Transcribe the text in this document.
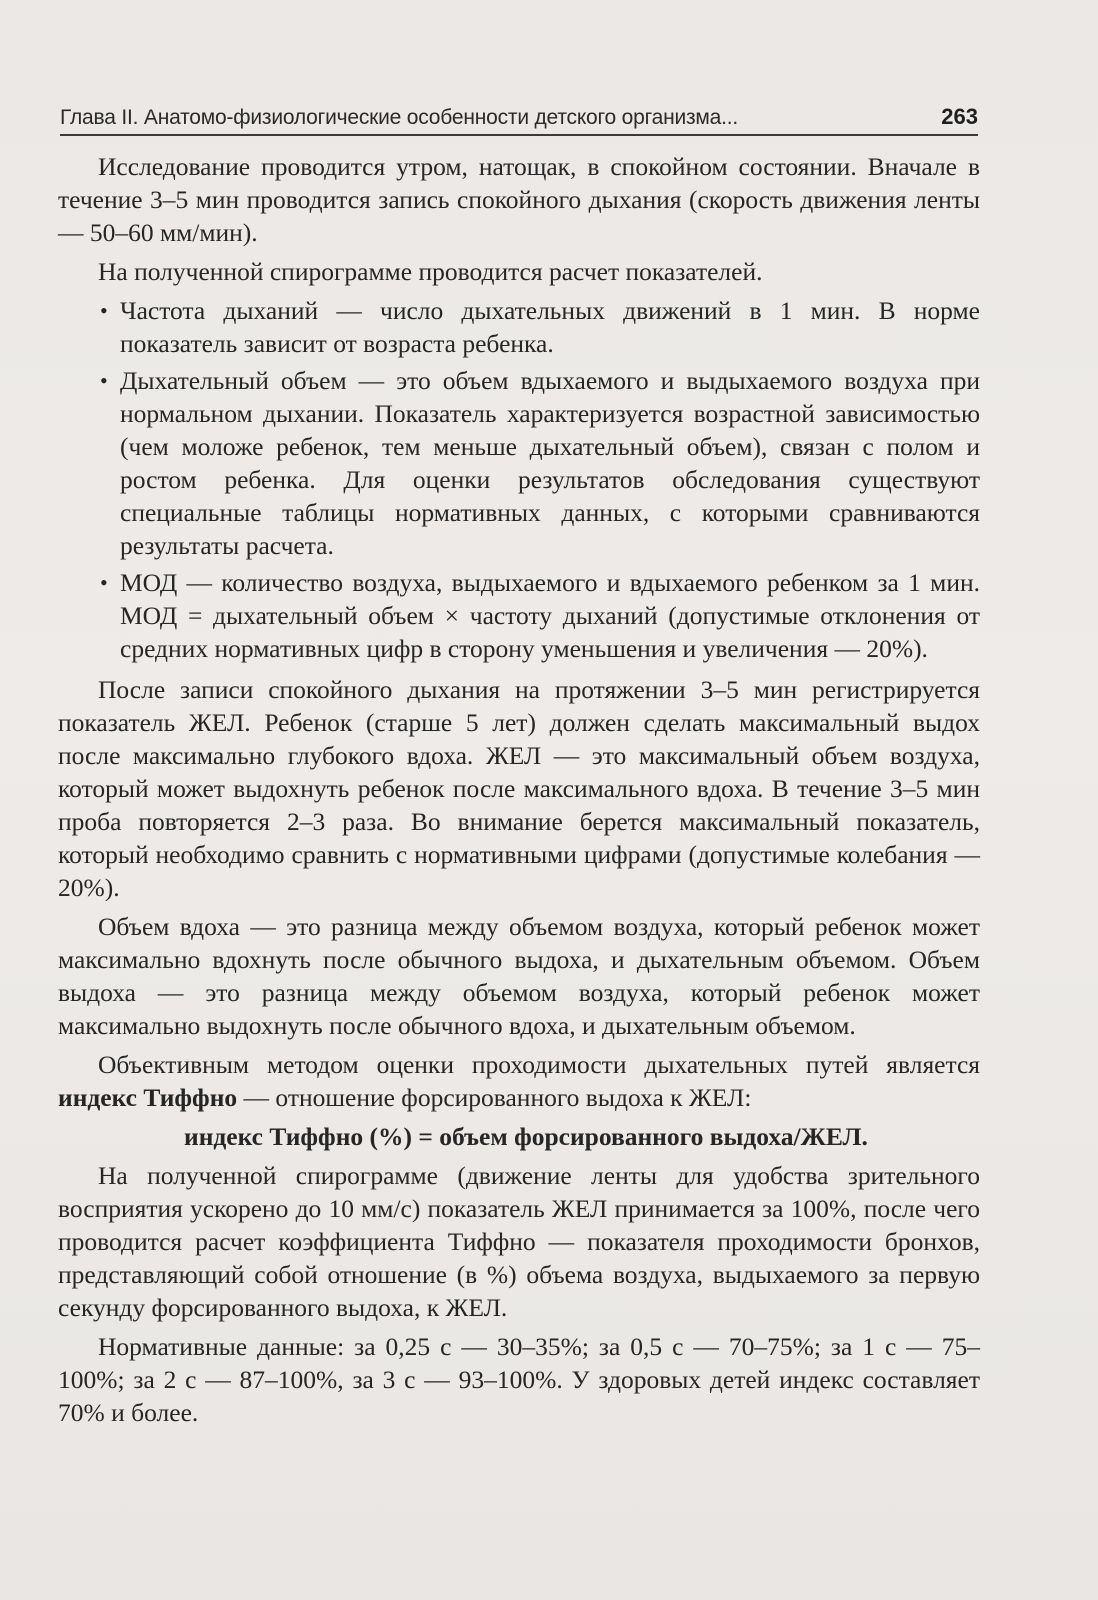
Глава II. Анатомо-физиологические особенности детского организма...	263

Исследование проводится утром, натощак, в спокойном состоянии. Вначале в течение 3–5 мин проводится запись спокойного дыхания (скорость движения ленты — 50–60 мм/мин).

На полученной спирограмме проводится расчет показателей.

• Частота дыханий — число дыхательных движений в 1 мин. В норме показатель зависит от возраста ребенка.
• Дыхательный объем — это объем вдыхаемого и выдыхаемого воздуха при нормальном дыхании. Показатель характеризуется возрастной зависимостью (чем моложе ребенок, тем меньше дыхательный объем), связан с полом и ростом ребенка. Для оценки результатов обследования существуют специальные таблицы нормативных данных, с которыми сравниваются результаты расчета.
• МОД — количество воздуха, выдыхаемого и вдыхаемого ребенком за 1 мин. МОД = дыхательный объем × частоту дыханий (допустимые отклонения от средних нормативных цифр в сторону уменьшения и увеличения — 20%).

После записи спокойного дыхания на протяжении 3–5 мин регистрируется показатель ЖЕЛ. Ребенок (старше 5 лет) должен сделать максимальный выдох после максимально глубокого вдоха. ЖЕЛ — это максимальный объем воздуха, который может выдохнуть ребенок после максимального вдоха. В течение 3–5 мин проба повторяется 2–3 раза. Во внимание берется максимальный показатель, который необходимо сравнить с нормативными цифрами (допустимые колебания — 20%).

Объем вдоха — это разница между объемом воздуха, который ребенок может максимально вдохнуть после обычного выдоха, и дыхательным объемом. Объем выдоха — это разница между объемом воздуха, который ребенок может максимально выдохнуть после обычного вдоха, и дыхательным объемом.

Объективным методом оценки проходимости дыхательных путей является индекс Тиффно — отношение форсированного выдоха к ЖЕЛ:

индекс Тиффно (%) = объем форсированного выдоха/ЖЕЛ.

На полученной спирограмме (движение ленты для удобства зрительного восприятия ускорено до 10 мм/с) показатель ЖЕЛ принимается за 100%, после чего проводится расчет коэффициента Тиффно — показателя проходимости бронхов, представляющий собой отношение (в %) объема воздуха, выдыхаемого за первую секунду форсированного выдоха, к ЖЕЛ.

Нормативные данные: за 0,25 с — 30–35%; за 0,5 с — 70–75%; за 1 с — 75–100%; за 2 с — 87–100%, за 3 с — 93–100%. У здоровых детей индекс составляет 70% и более.
